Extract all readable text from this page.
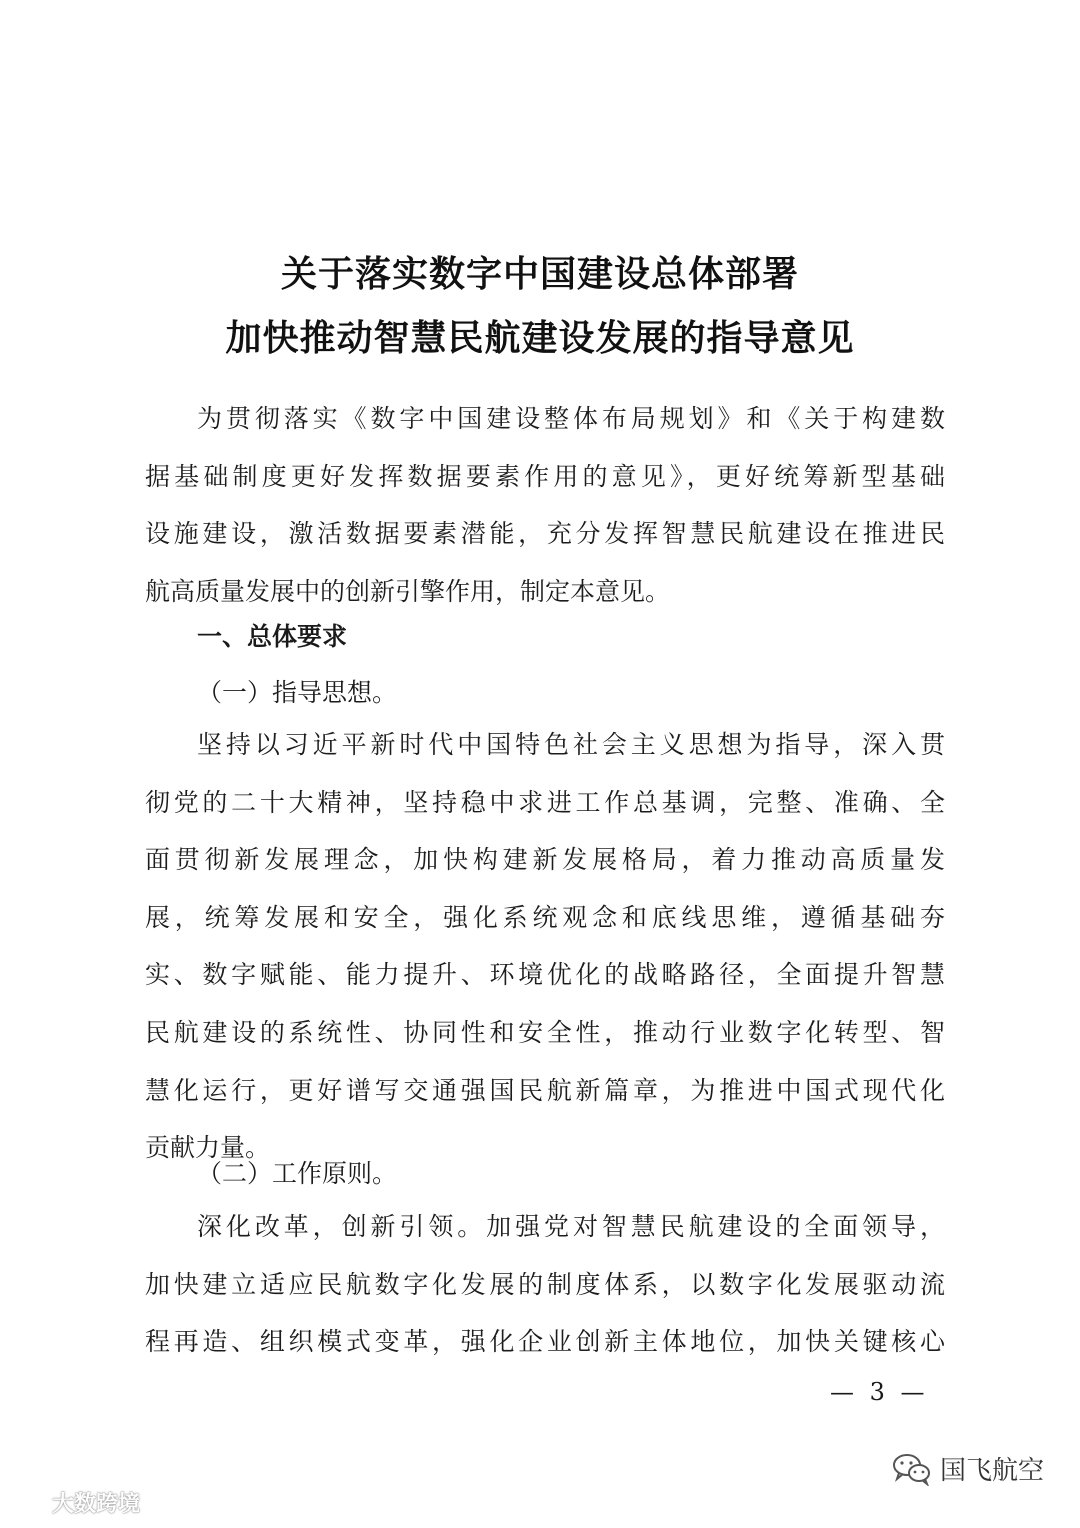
关于落实数字中国建设总体部署
加快推动智慧民航建设发展的指导意见
为贯彻落实《数字中国建设整体布局规划》和《关于构建数
据基础制度更好发挥数据要素作用的意见》，更好统筹新型基础
设施建设，激活数据要素潜能，充分发挥智慧民航建设在推进民
航高质量发展中的创新引擎作用，制定本意见。
一、总体要求
（一）指导思想。
坚持以习近平新时代中国特色社会主义思想为指导，深入贯
彻党的二十大精神，坚持稳中求进工作总基调，完整、准确、全
面贯彻新发展理念，加快构建新发展格局，着力推动高质量发
展，统筹发展和安全，强化系统观念和底线思维，遵循基础夯
实、数字赋能、能力提升、环境优化的战略路径，全面提升智慧
民航建设的系统性、协同性和安全性，推动行业数字化转型、智
慧化运行，更好谱写交通强国民航新篇章，为推进中国式现代化
贡献力量。
（二）工作原则。
深化改革，创新引领。加强党对智慧民航建设的全面领导，
加快建立适应民航数字化发展的制度体系，以数字化发展驱动流
程再造、组织模式变革，强化企业创新主体地位，加快关键核心
— 3 —
大数跨境
国飞航空
